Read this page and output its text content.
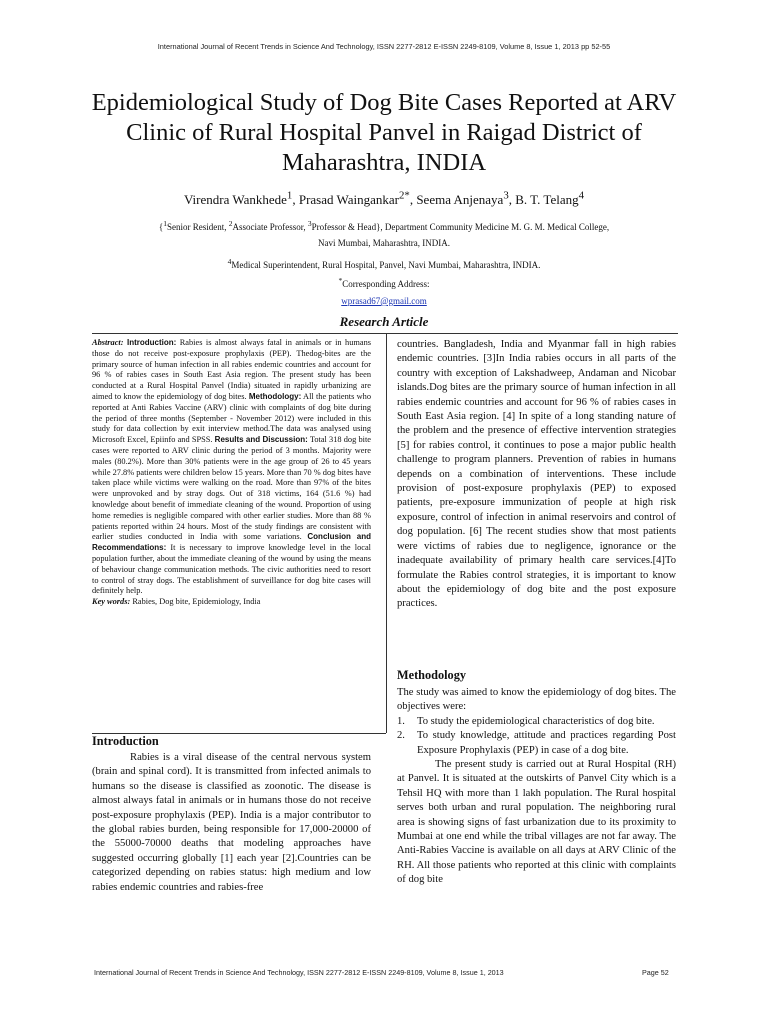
International Journal of Recent Trends in Science And Technology, ISSN 2277-2812 E-ISSN 2249-8109, Volume 8, Issue 1, 2013 pp 52-55
Epidemiological Study of Dog Bite Cases Reported at ARV Clinic of Rural Hospital Panvel in Raigad District of Maharashtra, INDIA
Virendra Wankhede$^1$, Prasad Waingankar$^{2*}$, Seema Anjenaya$^3$, B. T. Telang$^4$
{$^1$Senior Resident, $^2$Associate Professor, $^3$Professor & Head}, Department Community Medicine M. G. M. Medical College,
Navi Mumbai, Maharashtra, INDIA.
$^4$Medical Superintendent, Rural Hospital, Panvel, Navi Mumbai, Maharashtra, INDIA.
*Corresponding Address:
wprasad67@gmail.com
Research Article

Abstract: Introduction: Rabies is almost always fatal in animals or in humans those do not receive post-exposure prophylaxis (PEP). Thedog-bites are the primary source of human infection in all rabies endemic countries and account for 96 % of rabies cases in South East Asia region. The present study has been conducted at a Rural Hospital Panvel (India) situated in rapidly urbanizing are aimed to know the epidemiology of dog bites. Methodology: All the patients who reported at Anti Rabies Vaccine (ARV) clinic with complaints of dog bite during the period of three months (September - November 2012) were included in this study for data collection by exit interview method.The data was analysed using Microsoft Excel, Epiinfo and SPSS. Results and Discussion: Total 318 dog bite cases were reported to ARV clinic during the period of 3 months. Majority were males (80.2%). More than 30% patients were in the age group of 26 to 45 years while 27.8% patients were children below 15 years. More than 70 % dog bites have taken place while victims were walking on the road. More than 97% of the bites were unprovoked and by stray dogs. Out of 318 victims, 164 (51.6 %) had knowledge about benefit of immediate cleaning of the wound. Proportion of using home remedies is negligible compared with other earlier studies. More than 88 % patients reported within 24 hours. Most of the study findings are consistent with earlier studies conducted in India with some variations. Conclusion and Recommendations: It is necessary to improve knowledge level in the local population further, about the immediate cleaning of the wound by using the means of behaviour change communication methods. The civic authorities need to resort to control of stray dogs. The establishment of surveillance for dog bite cases will definitely help.

Key words: Rabies, Dog bite, Epidemiology, India

Introduction

Rabies is a viral disease of the central nervous system (brain and spinal cord). It is transmitted from infected animals to humans so the disease is classified as zoonotic. The disease is almost always fatal in animals or in humans those do not receive post-exposure prophylaxis (PEP). India is a major contributor to the global rabies burden, being responsible for 17,000-20000 of the 55000-70000 deaths that modeling approaches have suggested occurring globally [1] each year [2].Countries can be categorized depending on rabies status: high medium and low rabies endemic countries and rabies-free

countries. Bangladesh, India and Myanmar fall in high rabies endemic countries. [3]In India rabies occurs in all parts of the country with exception of Lakshadweep, Andaman and Nicobar islands.Dog bites are the primary source of human infection in all rabies endemic countries and account for 96 % of rabies cases in South East Asia region. [4] In spite of a long standing nature of the problem and the presence of effective intervention strategies [5] for rabies control, it continues to pose a major public health challenge to program planners. Prevention of rabies in humans depends on a combination of interventions. These include provision of post-exposure prophylaxis (PEP) to exposed patients, pre-exposure immunization of people at high risk exposure, control of infection in animal reservoirs and control of dog population. [6] The recent studies show that most patients were victims of rabies due to negligence, ignorance or the inadequate availability of primary health care services.[4]To formulate the Rabies control strategies, it is important to know about the epidemiology of dog bite and the post exposure practices.

Methodology

The study was aimed to know the epidemiology of dog bites. The objectives were:

1.	To study the epidemiological characteristics of dog bite.
2.	To study knowledge, attitude and practices regarding Post Exposure Prophylaxis (PEP) in case of a dog bite.

The present study is carried out at Rural Hospital (RH) at Panvel. It is situated at the outskirts of Panvel City which is a Tehsil HQ with more than 1 lakh population. The Rural hospital serves both urban and rural population. The neighboring rural area is showing signs of fast urbanization due to its proximity to Mumbai at one end while the tribal villages are not far away. The Anti-Rabies Vaccine is available on all days at ARV Clinic of the RH. All those patients who reported at this clinic with complaints of dog bite

International Journal of Recent Trends in Science And Technology, ISSN 2277-2812 E-ISSN 2249-8109, Volume 8, Issue 1, 2013	Page 52
